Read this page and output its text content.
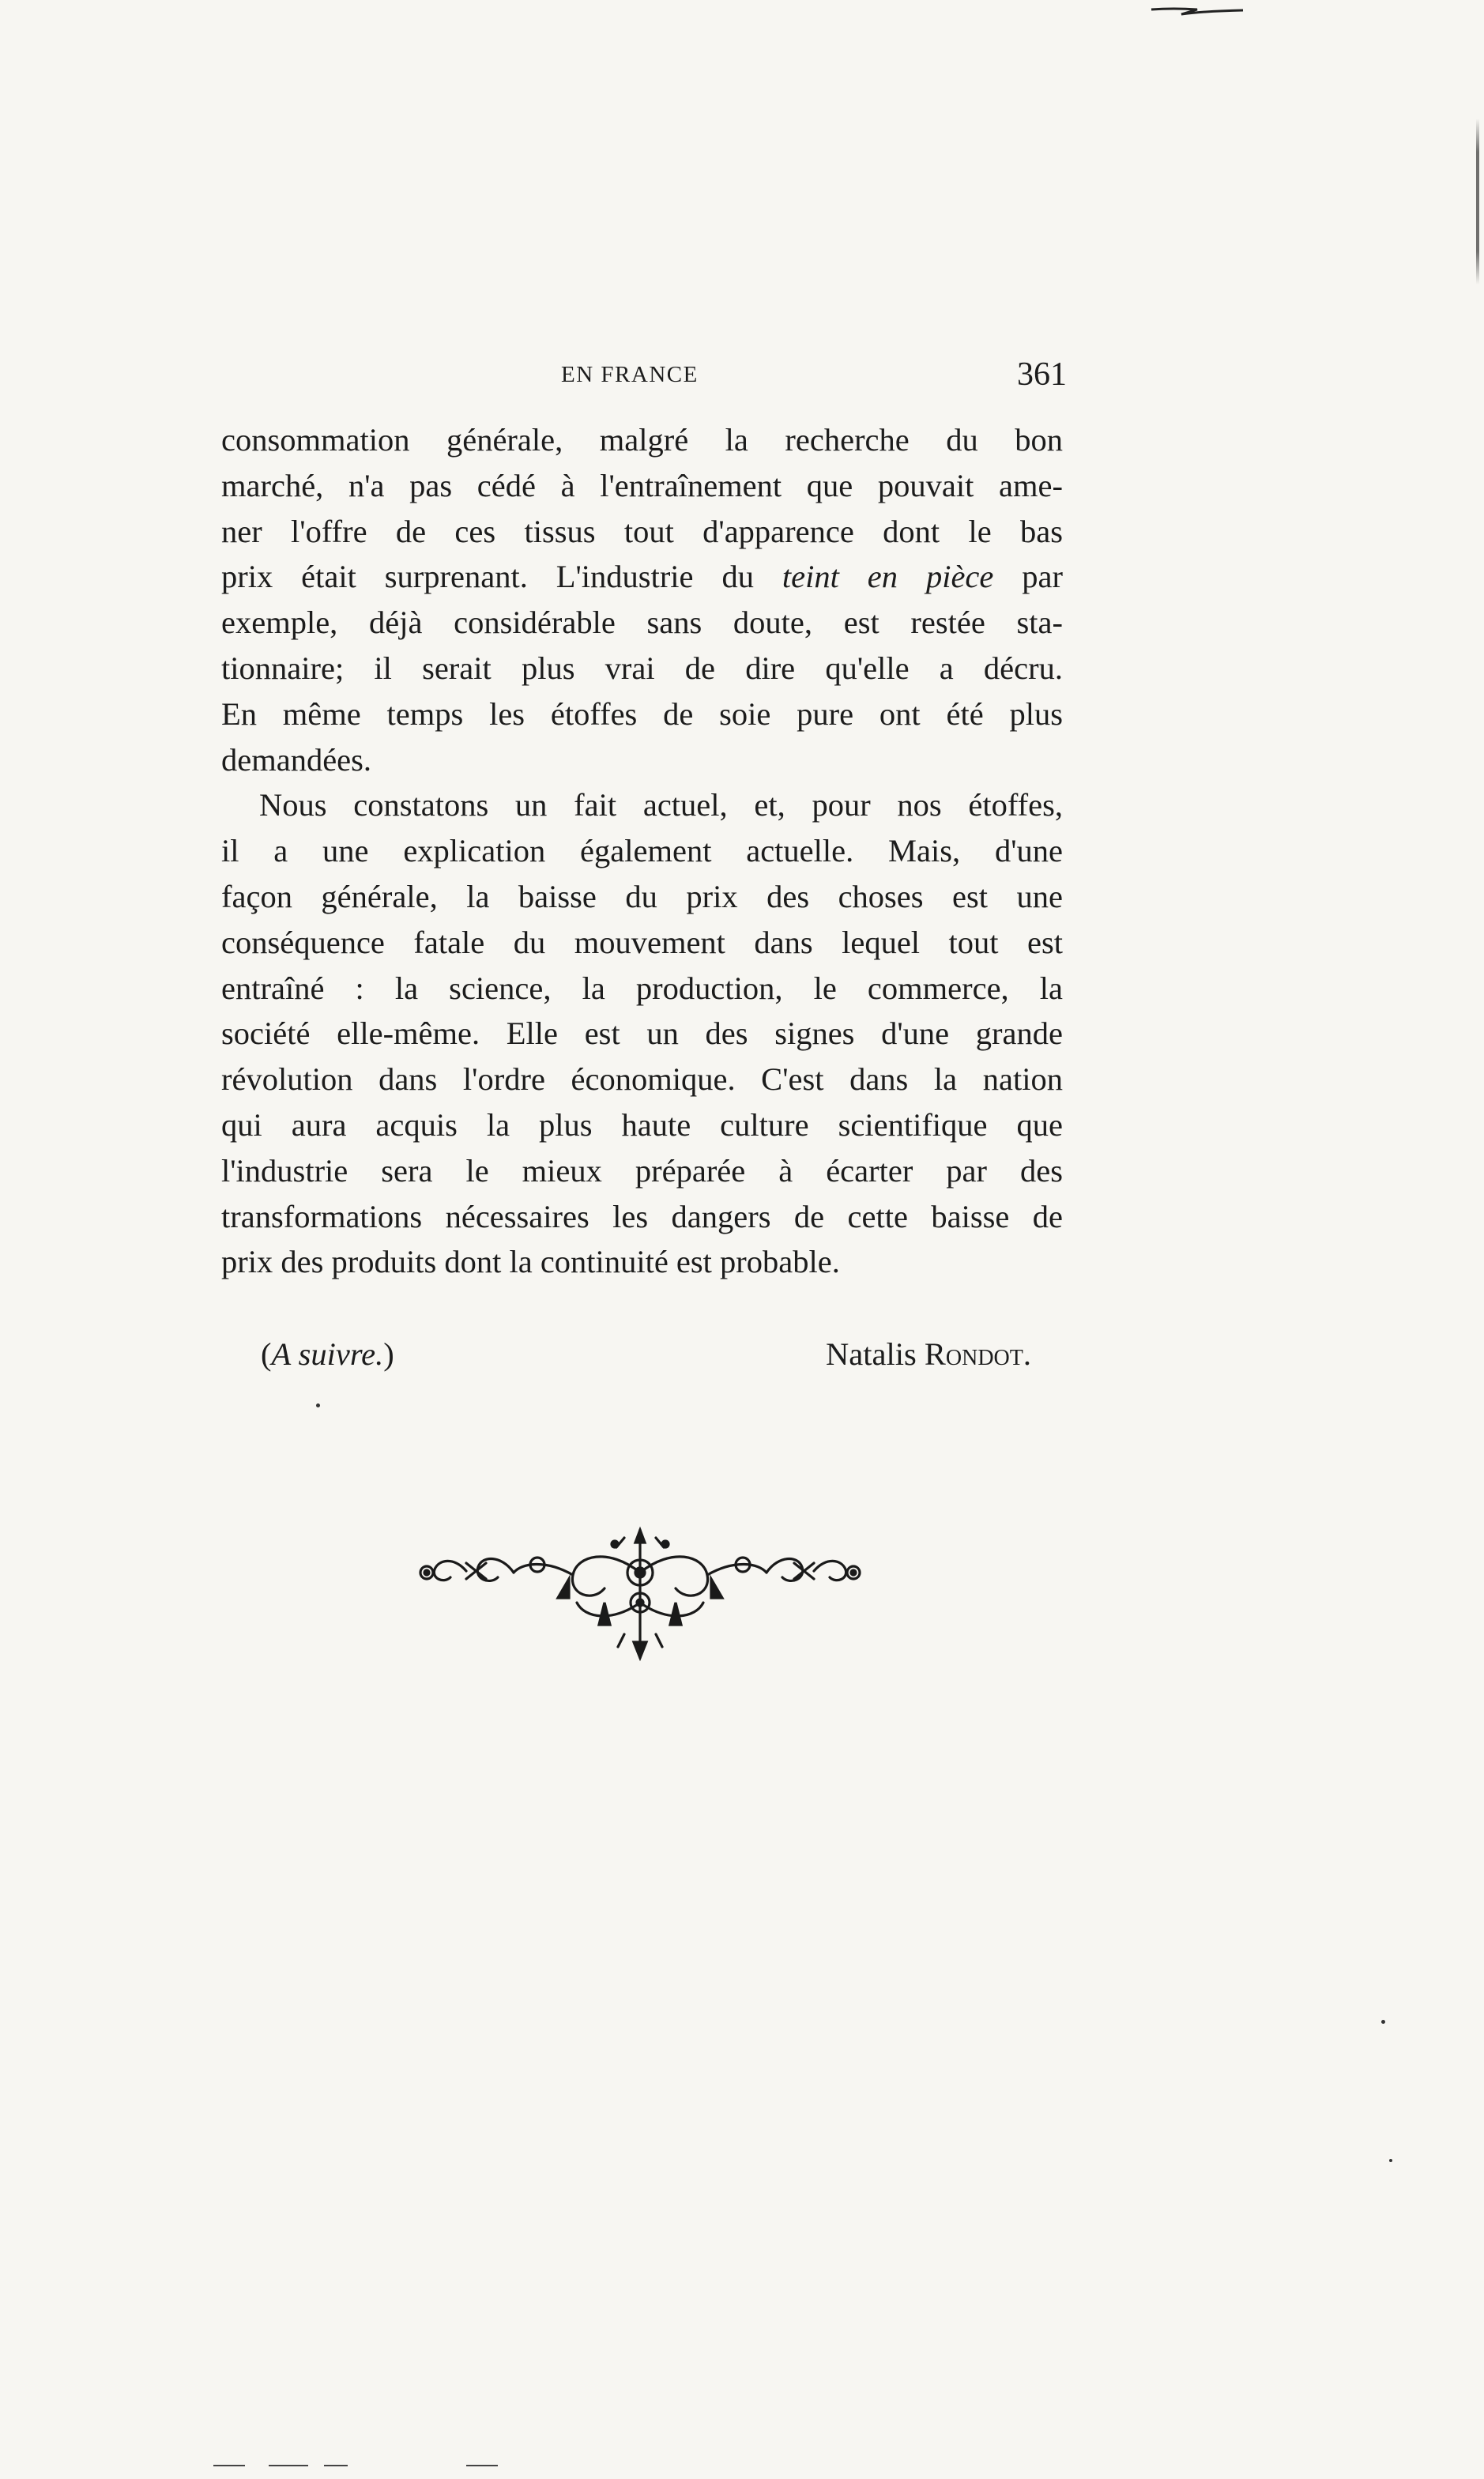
EN FRANCE	361
consommation générale, malgré la recherche du bon
marché, n'a pas cédé à l'entraînement que pouvait ame-
ner l'offre de ces tissus tout d'apparence dont le bas
prix était surprenant. L'industrie du teint en pièce par
exemple, déjà considérable sans doute, est restée sta-
tionnaire; il serait plus vrai de dire qu'elle a décru.
En même temps les étoffes de soie pure ont été plus
demandées.
Nous constatons un fait actuel, et, pour nos étoffes,
il a une explication également actuelle. Mais, d'une
façon générale, la baisse du prix des choses est une
conséquence fatale du mouvement dans lequel tout est
entraîné : la science, la production, le commerce, la
société elle-même. Elle est un des signes d'une grande
révolution dans l'ordre économique. C'est dans la nation
qui aura acquis la plus haute culture scientifique que
l'industrie sera le mieux préparée à écarter par des
transformations nécessaires les dangers de cette baisse de
prix des produits dont la continuité est probable.
(A suivre.)	Natalis Rondot.
